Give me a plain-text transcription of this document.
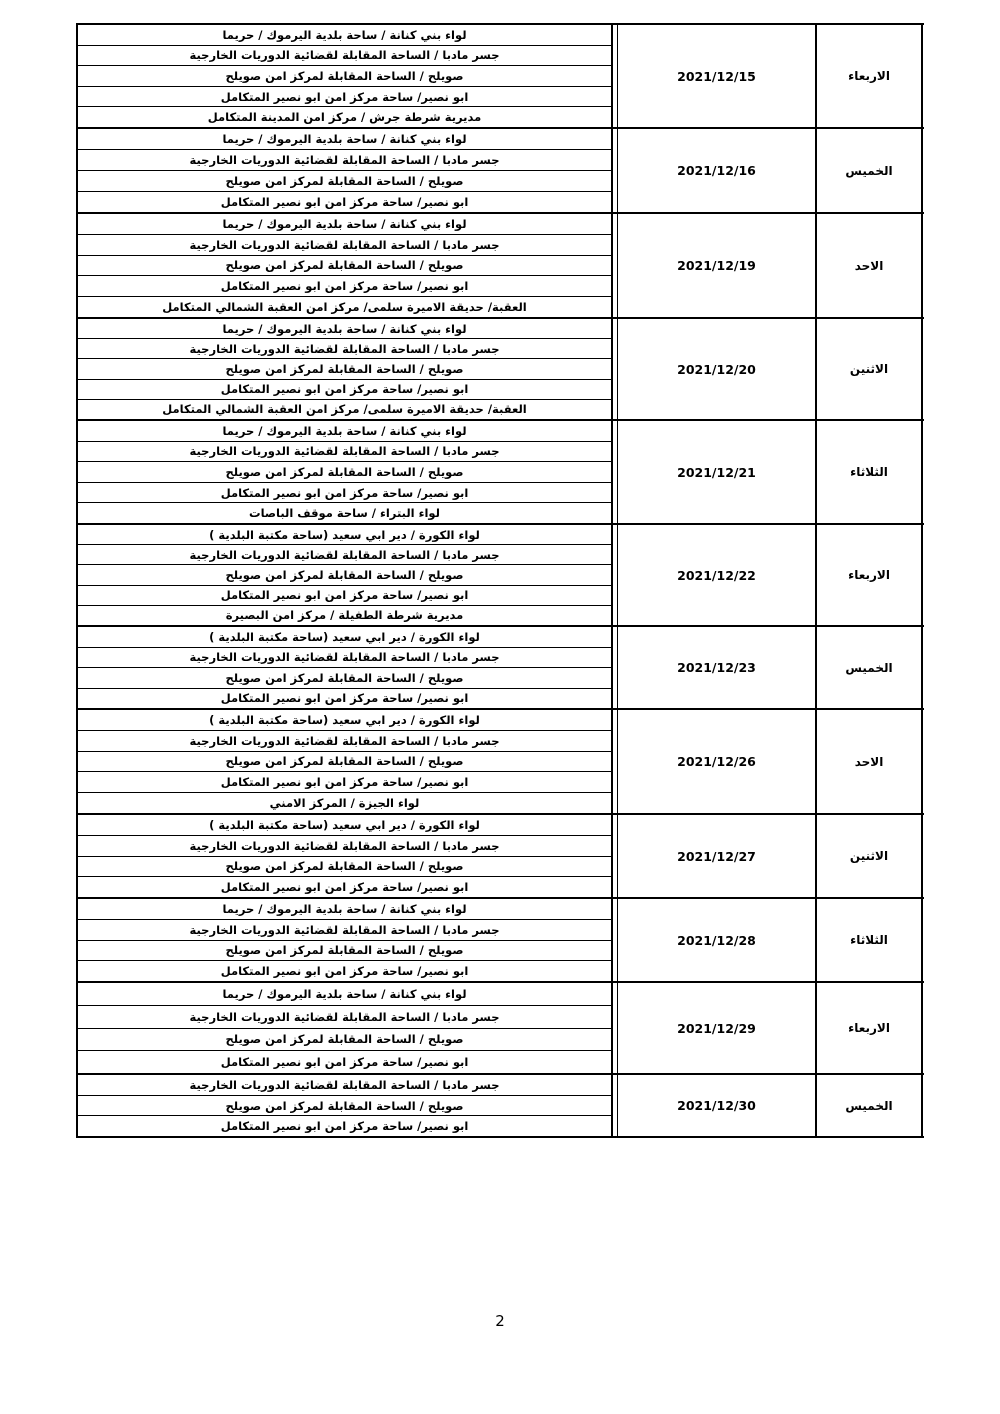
لواء بني كنانة / ساحة بلدية اليرموك / حريما
جسر مادبا / الساحة المقابلة لقضائية الدوريات الخارجية
صويلح / الساحة المقابلة لمركز امن صويلح
ابو نصير/ ساحة مركز امن ابو نصير المتكامل
مديرية شرطة جرش / مركز امن المدينة المتكامل
2021/12/15	الاربعاء
لواء بني كنانة / ساحة بلدية اليرموك / حريما
جسر مادبا / الساحة المقابلة لقضائية الدوريات الخارجية
صويلح / الساحة المقابلة لمركز امن صويلح
ابو نصير/ ساحة مركز امن ابو نصير المتكامل
2021/12/16	الخميس
لواء بني كنانة / ساحة بلدية اليرموك / حريما
جسر مادبا / الساحة المقابلة لقضائية الدوريات الخارجية
صويلح / الساحة المقابلة لمركز امن صويلح
ابو نصير/ ساحة مركز امن ابو نصير المتكامل
العقبة/ حديقة الاميرة سلمى/ مركز امن العقبة الشمالي المتكامل
2021/12/19	الاحد
لواء بني كنانة / ساحة بلدية اليرموك / حريما
جسر مادبا / الساحة المقابلة لقضائية الدوريات الخارجية
صويلح / الساحة المقابلة لمركز امن صويلح
ابو نصير/ ساحة مركز امن ابو نصير المتكامل
العقبة/ حديقة الاميرة سلمى/ مركز امن العقبة الشمالي المتكامل
2021/12/20	الاثنين
لواء بني كنانة / ساحة بلدية اليرموك / حريما
جسر مادبا / الساحة المقابلة لقضائية الدوريات الخارجية
صويلح / الساحة المقابلة لمركز امن صويلح
ابو نصير/ ساحة مركز امن ابو نصير المتكامل
لواء البتراء / ساحة موقف الباصات
2021/12/21	الثلاثاء
لواء الكورة / دير ابي سعيد (ساحة مكتبة البلدية )
جسر مادبا / الساحة المقابلة لقضائية الدوريات الخارجية
صويلح / الساحة المقابلة لمركز امن صويلح
ابو نصير/ ساحة مركز امن ابو نصير المتكامل
مديرية شرطة الطفيلة / مركز امن البصيرة
2021/12/22	الاربعاء
لواء الكورة / دير ابي سعيد (ساحة مكتبة البلدية )
جسر مادبا / الساحة المقابلة لقضائية الدوريات الخارجية
صويلح / الساحة المقابلة لمركز امن صويلح
ابو نصير/ ساحة مركز امن ابو نصير المتكامل
2021/12/23	الخميس
لواء الكورة / دير ابي سعيد (ساحة مكتبة البلدية )
جسر مادبا / الساحة المقابلة لقضائية الدوريات الخارجية
صويلح / الساحة المقابلة لمركز امن صويلح
ابو نصير/ ساحة مركز امن ابو نصير المتكامل
لواء الجيزة / المركز الامني
2021/12/26	الاحد
لواء الكورة / دير ابي سعيد (ساحة مكتبة البلدية )
جسر مادبا / الساحة المقابلة لقضائية الدوريات الخارجية
صويلح / الساحة المقابلة لمركز امن صويلح
ابو نصير/ ساحة مركز امن ابو نصير المتكامل
2021/12/27	الاثنين
لواء بني كنانة / ساحة بلدية اليرموك / حريما
جسر مادبا / الساحة المقابلة لقضائية الدوريات الخارجية
صويلح / الساحة المقابلة لمركز امن صويلح
ابو نصير/ ساحة مركز امن ابو نصير المتكامل
2021/12/28	الثلاثاء
لواء بني كنانة / ساحة بلدية اليرموك / حريما
جسر مادبا / الساحة المقابلة لقضائية الدوريات الخارجية
صويلح / الساحة المقابلة لمركز امن صويلح
ابو نصير/ ساحة مركز امن ابو نصير المتكامل
2021/12/29	الاربعاء
جسر مادبا / الساحة المقابلة لقضائية الدوريات الخارجية
صويلح / الساحة المقابلة لمركز امن صويلح
ابو نصير/ ساحة مركز امن ابو نصير المتكامل
2021/12/30	الخميس
2
